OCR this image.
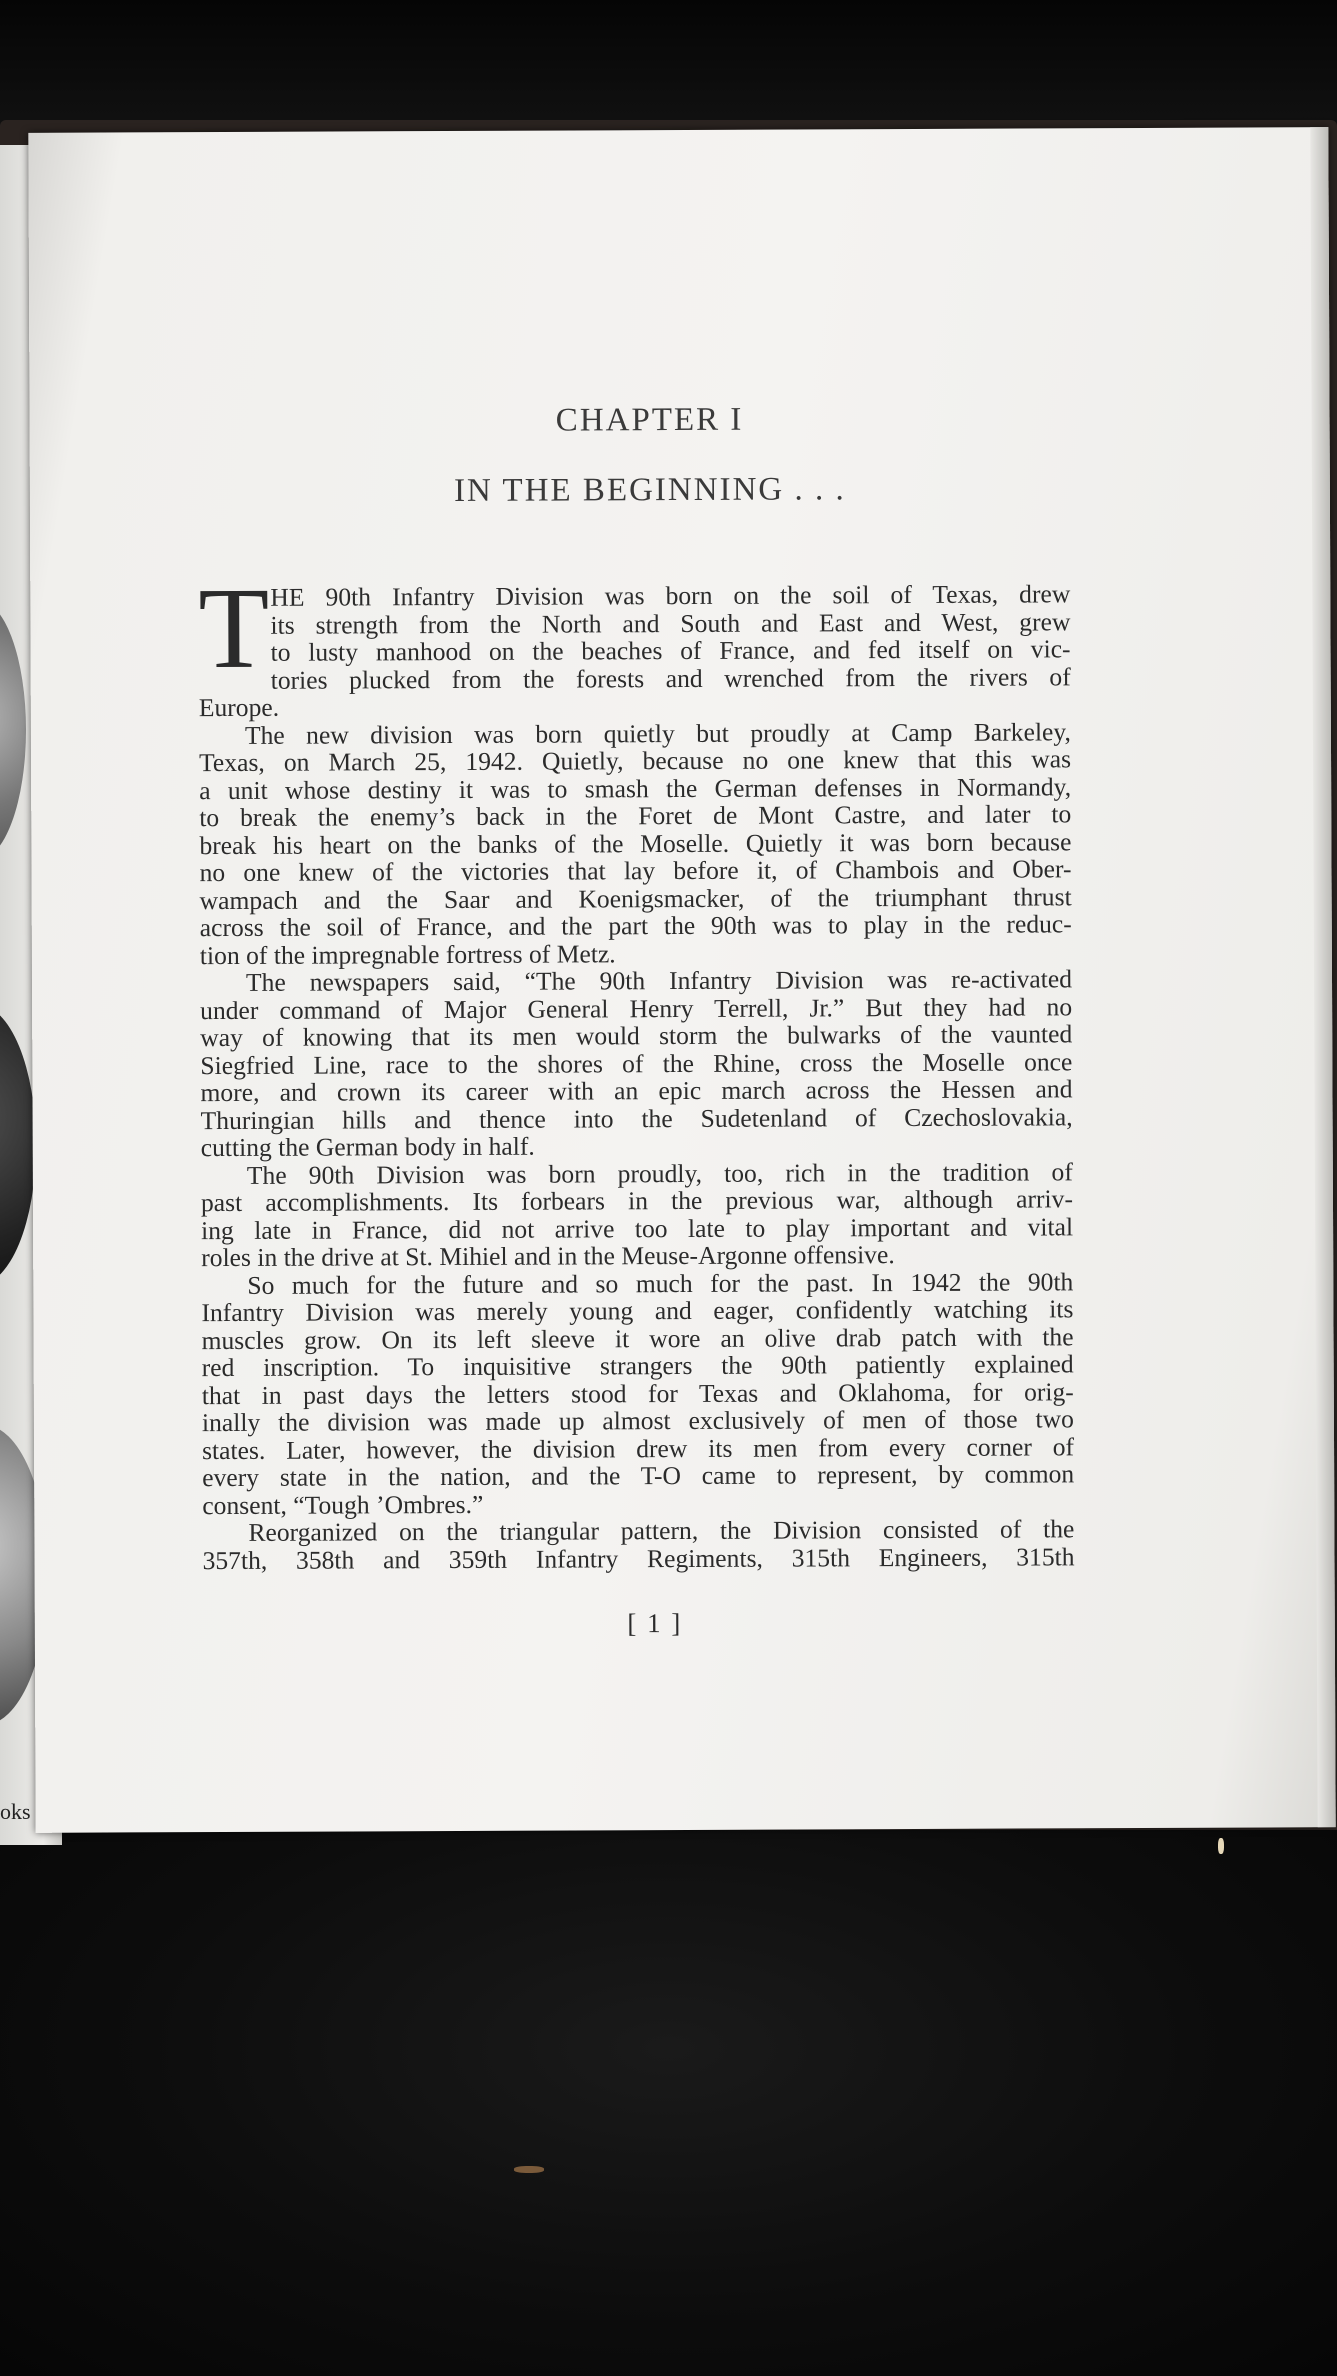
oks
CHAPTER I
IN THE BEGINNING . . .
T HE 90th Infantry Division was born on the soil of Texas, drew
its strength from the North and South and East and West, grew
to lusty manhood on the beaches of France, and fed itself on vic-
tories plucked from the forests and wrenched from the rivers of
Europe.
The new division was born quietly but proudly at Camp Barkeley,
Texas, on March 25, 1942. Quietly, because no one knew that this was
a unit whose destiny it was to smash the German defenses in Normandy,
to break the enemy’s back in the Foret de Mont Castre, and later to
break his heart on the banks of the Moselle. Quietly it was born because
no one knew of the victories that lay before it, of Chambois and Ober-
wampach and the Saar and Koenigsmacker, of the triumphant thrust
across the soil of France, and the part the 90th was to play in the reduc-
tion of the impregnable fortress of Metz.
The newspapers said, “The 90th Infantry Division was re-activated
under command of Major General Henry Terrell, Jr.” But they had no
way of knowing that its men would storm the bulwarks of the vaunted
Siegfried Line, race to the shores of the Rhine, cross the Moselle once
more, and crown its career with an epic march across the Hessen and
Thuringian hills and thence into the Sudetenland of Czechoslovakia,
cutting the German body in half.
The 90th Division was born proudly, too, rich in the tradition of
past accomplishments. Its forbears in the previous war, although arriv-
ing late in France, did not arrive too late to play important and vital
roles in the drive at St. Mihiel and in the Meuse-Argonne offensive.
So much for the future and so much for the past. In 1942 the 90th
Infantry Division was merely young and eager, confidently watching its
muscles grow. On its left sleeve it wore an olive drab patch with the
red inscription. To inquisitive strangers the 90th patiently explained
that in past days the letters stood for Texas and Oklahoma, for orig-
inally the division was made up almost exclusively of men of those two
states. Later, however, the division drew its men from every corner of
every state in the nation, and the T-O came to represent, by common
consent, “Tough ’Ombres.”
Reorganized on the triangular pattern, the Division consisted of the
357th, 358th and 359th Infantry Regiments, 315th Engineers, 315th
[ 1 ]
